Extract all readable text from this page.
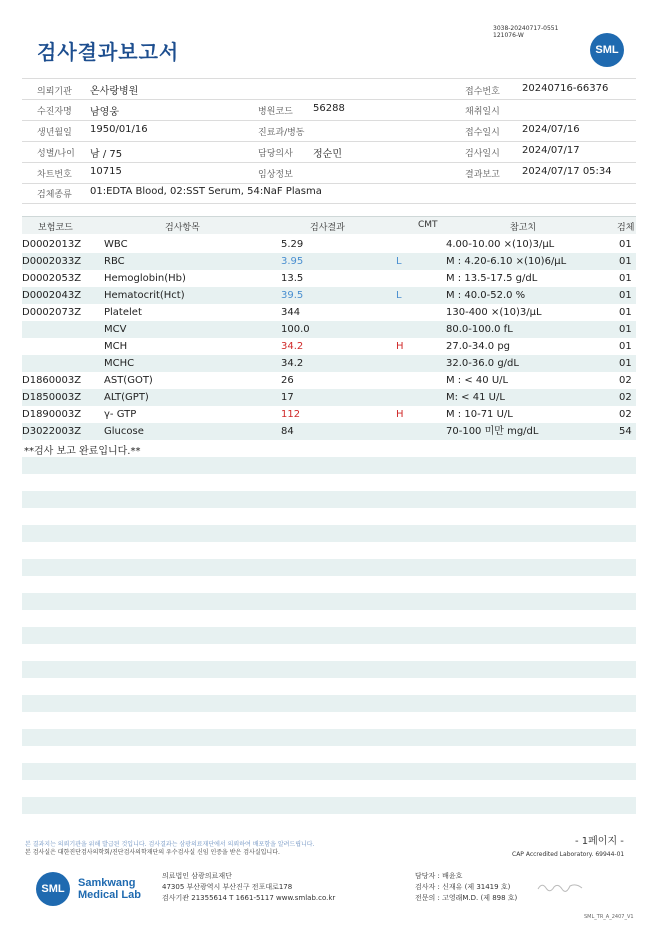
검사결과보고서
3038-20240717-0551
121076-W
SML
의뢰기관 온사랑병원	접수번호 20240716-66376
수진자명 남영웅	병원코드 56288	채취일시
생년월일 1950/01/16	진료과/병동	접수일시 2024/07/16
성별/나이 남 / 75	담당의사 정순민	검사일시 2024/07/17
차트번호 10715	임상정보	결과보고 2024/07/17 05:34
검체종류 01:EDTA Blood, 02:SST Serum, 54:NaF Plasma
보험코드	검사항목	검사결과	CMT	참고치	검체
D0002013Z WBC	5.29	4.00-10.00 ×(10)3/μL	01
D0002033Z RBC	3.95	L	M : 4.20-6.10 ×(10)6/μL	01
D0002053Z Hemoglobin(Hb)	13.5	M : 13.5-17.5 g/dL	01
D0002043Z Hematocrit(Hct)	39.5	L	M : 40.0-52.0 %	01
D0002073Z Platelet	344	130-400 ×(10)3/μL	01
MCV	100.0	80.0-100.0 fL	01
MCH	34.2	H	27.0-34.0 pg	01
MCHC	34.2	32.0-36.0 g/dL	01
D1860003Z AST(GOT)	26	M : < 40 U/L	02
D1850003Z ALT(GPT)	17	M: < 41 U/L	02
D1890003Z γ- GTP	112	H	M : 10-71 U/L	02
D3022003Z Glucose	84	70-100 미만 mg/dL	54
**검사 보고 완료입니다.**
본 결과지는 의뢰기관을 위해 발급된 것입니다. 검사결과는 삼광의료재단에서 의뢰하여 배포함을 알려드립니다.
본 검사실은 대한진단검사의학회/진단검사의학재단의 우수검사실 신임 인증을 받은 검사실입니다.
- 1페이지 -
CAP Accredited Laboratory. 69944-01
SML	Samkwang
Medical Lab
의료법인 삼광의료재단
47305 부산광역시 부산진구 전포대로178
검사기관 21355614 T 1661-5117 www.smlab.co.kr
담당자 : 배윤호
검사자 : 신재유 (제 31419 호)
전문의 : 고영래M.D. (제 898 호)
SML_TR_A_2407_V1
